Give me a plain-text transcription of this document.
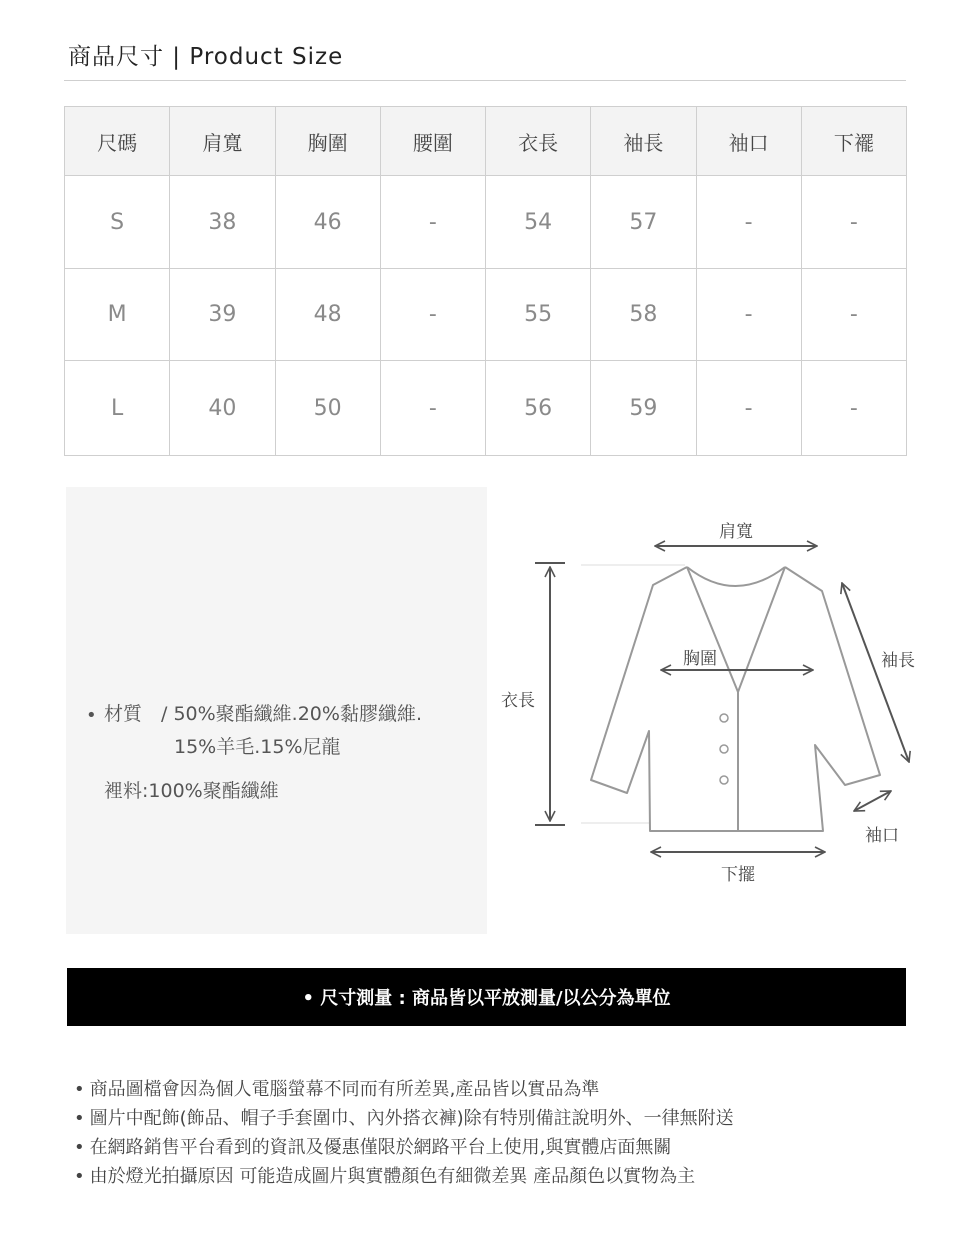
商品尺寸 | Product Size
尺碼	肩寬	胸圍	腰圍	衣長	袖長	袖口	下襬
S	38	46	-	54	57	-	-
M	39	48	-	55	58	-	-
L	40	50	-	56	59	-	-
• 材質　/ 50%聚酯纖維.20%黏膠纖維.
15%羊毛.15%尼龍
裡料:100%聚酯纖維
肩寬
胸圍
衣長
袖長
袖口
下擺
• 尺寸測量 : 商品皆以平放測量/以公分為單位
• 商品圖檔會因為個人電腦螢幕不同而有所差異,產品皆以實品為準
• 圖片中配飾(飾品、帽子手套圍巾、內外搭衣褲)除有特別備註說明外、一律無附送
• 在網路銷售平台看到的資訊及優惠僅限於網路平台上使用,與實體店面無關
• 由於燈光拍攝原因 可能造成圖片與實體顏色有細微差異 產品顏色以實物為主
